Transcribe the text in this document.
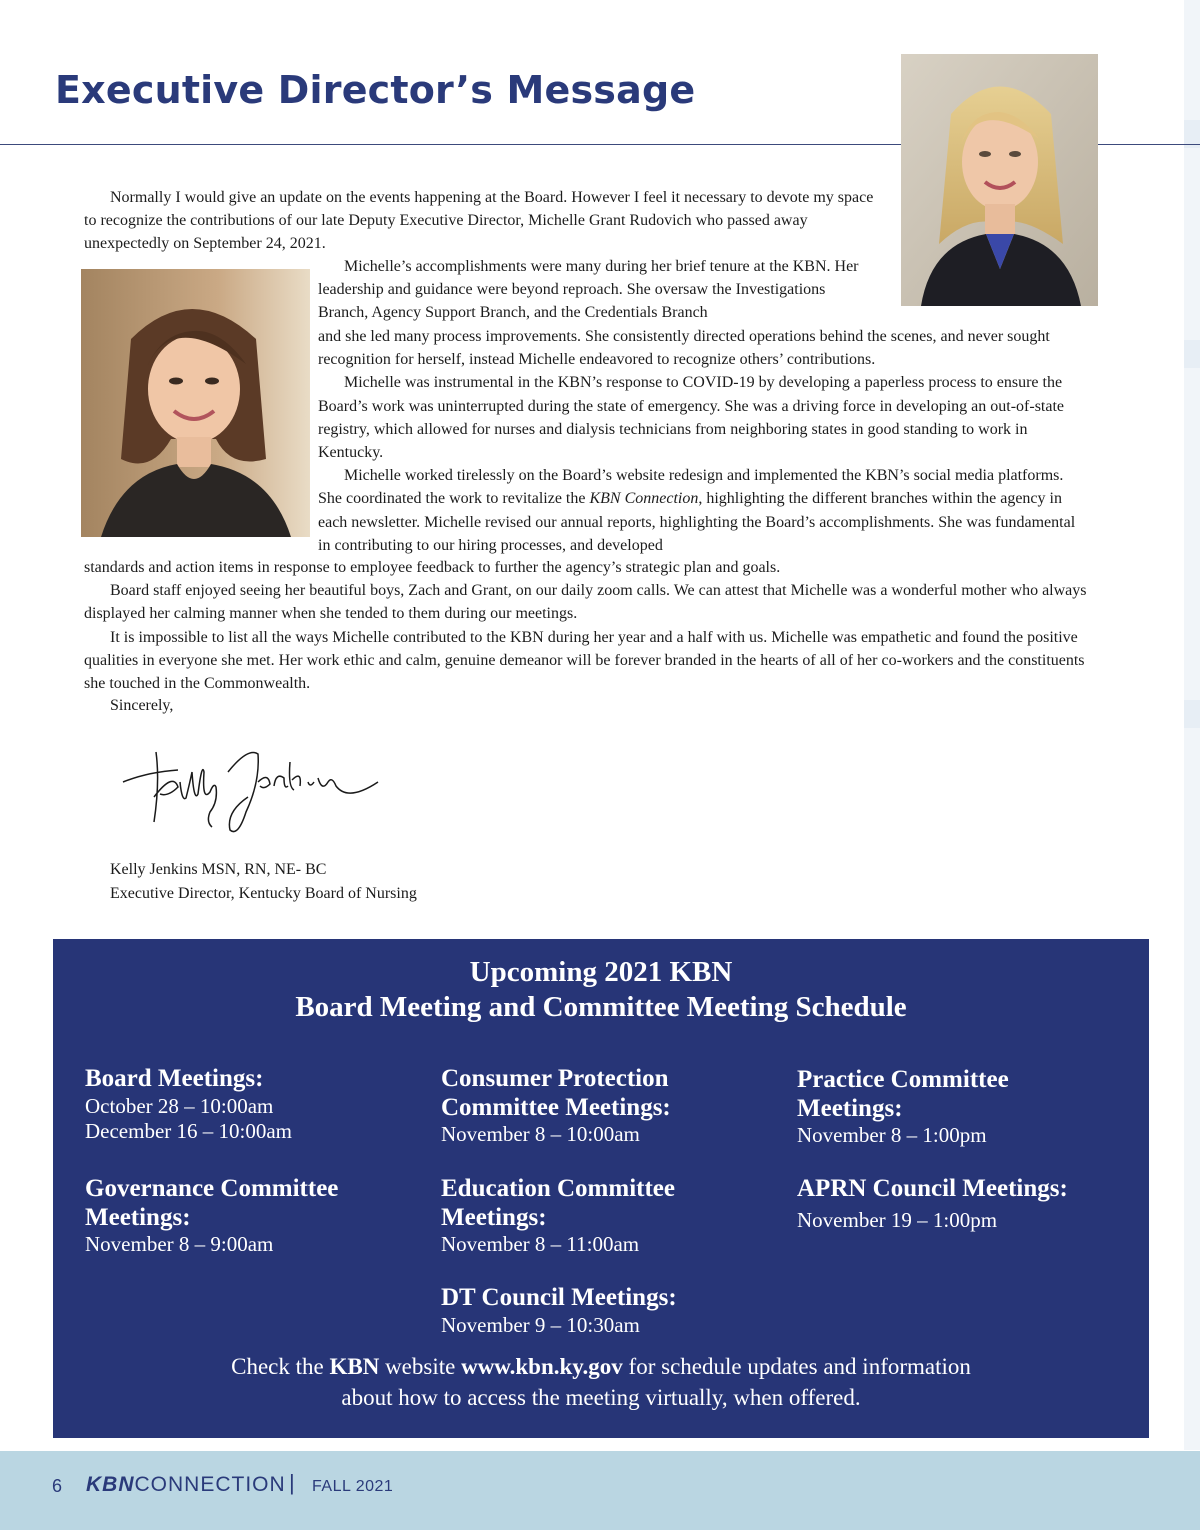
Executive Director’s Message

Normally I would give an update on the events happening at the Board. However I feel it necessary to devote my space to recognize the contributions of our late Deputy Executive Director, Michelle Grant Rudovich who passed away unexpectedly on September 24, 2021.

Michelle’s accomplishments were many during her brief tenure at the KBN. Her leadership and guidance were beyond reproach. She oversaw the Investigations Branch, Agency Support Branch, and the Credentials Branch

and she led many process improvements. She consistently directed operations behind the scenes, and never sought recognition for herself, instead Michelle endeavored to recognize others’ contributions.

Michelle was instrumental in the KBN’s response to COVID-19 by developing a paperless process to ensure the Board’s work was uninterrupted during the state of emergency. She was a driving force in developing an out-of-state registry, which allowed for nurses and dialysis technicians from neighboring states in good standing to work in Kentucky.

Michelle worked tirelessly on the Board’s website redesign and implemented the KBN’s social media platforms. She coordinated the work to revitalize the KBN Connection, highlighting the different branches within the agency in each newsletter. Michelle revised our annual reports, highlighting the Board’s accomplishments. She was fundamental in contributing to our hiring processes, and developed

standards and action items in response to employee feedback to further the agency’s strategic plan and goals.

Board staff enjoyed seeing her beautiful boys, Zach and Grant, on our daily zoom calls. We can attest that Michelle was a wonderful mother who always displayed her calming manner when she tended to them during our meetings.

It is impossible to list all the ways Michelle contributed to the KBN during her year and a half with us. Michelle was empathetic and found the positive qualities in everyone she met. Her work ethic and calm, genuine demeanor will be forever branded in the hearts of all of her co-workers and the constituents she touched in the Commonwealth.

Sincerely,

Kelly Jenkins MSN, RN, NE- BC
Executive Director, Kentucky Board of Nursing
Upcoming 2021 KBN
Board Meeting and Committee Meeting Schedule
Board Meetings:
October 28 – 10:00am
December 16 – 10:00am
Governance Committee Meetings:
November 8 – 9:00am
Consumer Protection Committee Meetings:
November 8 – 10:00am
Education Committee Meetings:
November 8 – 11:00am
DT Council Meetings:
November 9 – 10:30am
Practice Committee Meetings:
November 8 – 1:00pm
APRN Council Meetings:
November 19 – 1:00pm
Check the KBN website www.kbn.ky.gov for schedule updates and information
about how to access the meeting virtually, when offered.
6 KBNCONNECTION | FALL 2021
